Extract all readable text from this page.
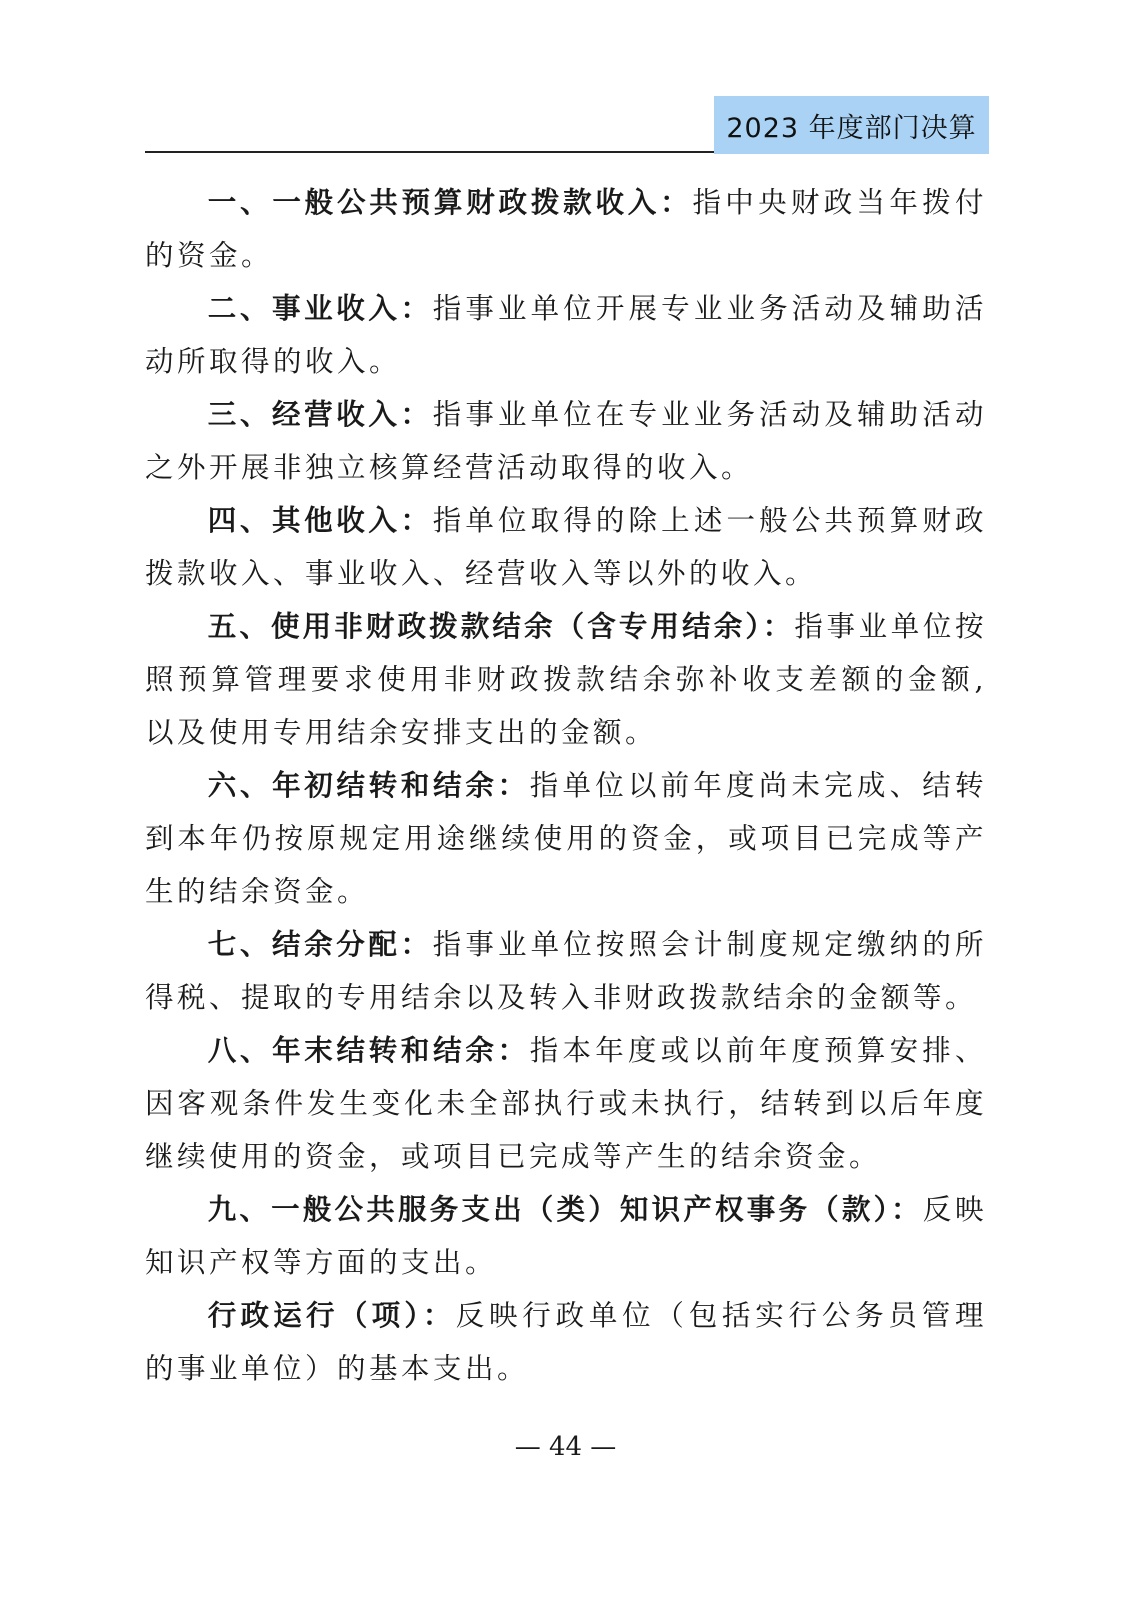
2023 年度部门决算

一、一般公共预算财政拨款收入：指中央财政当年拨付的资金。

二、事业收入：指事业单位开展专业业务活动及辅助活动所取得的收入。

三、经营收入：指事业单位在专业业务活动及辅助活动之外开展非独立核算经营活动取得的收入。

四、其他收入：指单位取得的除上述一般公共预算财政拨款收入、事业收入、经营收入等以外的收入。

五、使用非财政拨款结余（含专用结余）：指事业单位按照预算管理要求使用非财政拨款结余弥补收支差额的金额,以及使用专用结余安排支出的金额。

六、年初结转和结余：指单位以前年度尚未完成、结转到本年仍按原规定用途继续使用的资金，或项目已完成等产生的结余资金。

七、结余分配：指事业单位按照会计制度规定缴纳的所得税、提取的专用结余以及转入非财政拨款结余的金额等。

八、年末结转和结余：指本年度或以前年度预算安排、因客观条件发生变化未全部执行或未执行，结转到以后年度继续使用的资金，或项目已完成等产生的结余资金。

九、一般公共服务支出（类）知识产权事务（款）：反映知识产权等方面的支出。

行政运行（项）：反映行政单位（包括实行公务员管理的事业单位）的基本支出。

— 44 —
